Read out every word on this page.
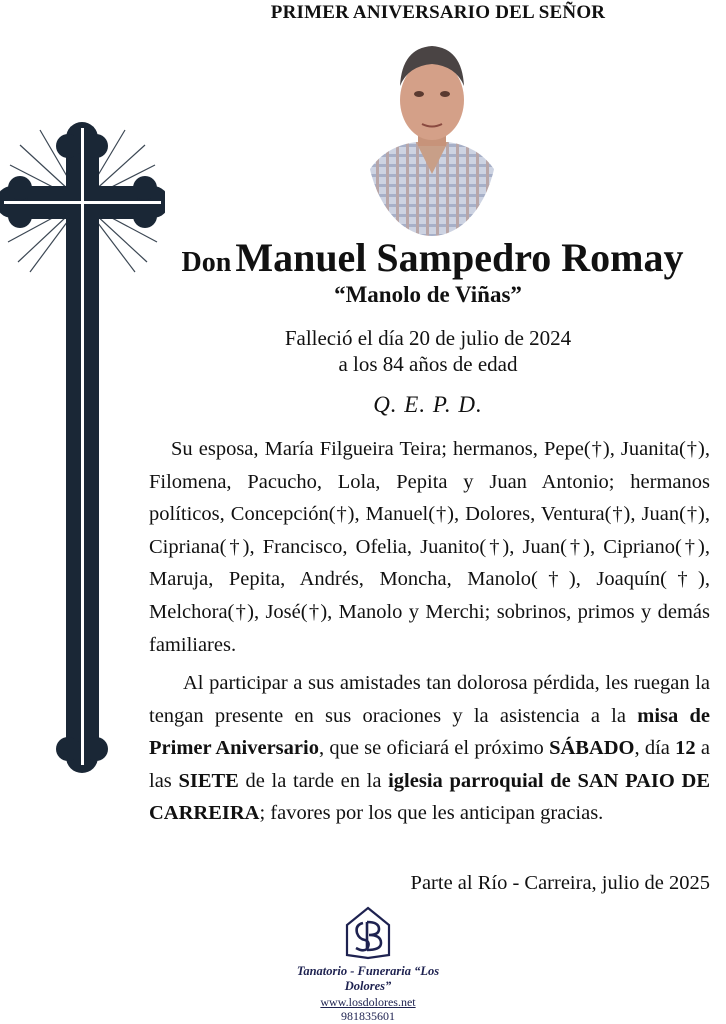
PRIMER ANIVERSARIO DEL SEÑOR
Don Manuel Sampedro Romay
“Manolo de Viñas”
Falleció el día 20 de julio de 2024
a los 84 años de edad
Q. E. P. D.
Su esposa, María Filgueira Teira; hermanos, Pepe(†), Juanita(†), Filomena, Pacucho, Lola, Pepita y Juan Antonio; hermanos políticos, Concepción(†), Manuel(†), Dolores, Ventura(†), Juan(†), Cipriana(†), Francisco, Ofelia, Juanito(†), Juan(†), Cipriano(†), Maruja, Pepita, Andrés, Moncha, Manolo(†), Joaquín(†), Melchora(†), José(†), Manolo y Merchi; sobrinos, primos y demás familiares.
Al participar a sus amistades tan dolorosa pérdida, les ruegan la tengan presente en sus oraciones y la asistencia a la misa de Primer Aniversario, que se oficiará el próximo SÁBADO, día 12 a las SIETE de la tarde en la iglesia parroquial de SAN PAIO DE CARREIRA; favores por los que les anticipan gracias.
Parte al Río - Carreira, julio de 2025
Tanatorio - Funeraria “Los Dolores”
www.losdolores.net
981835601
